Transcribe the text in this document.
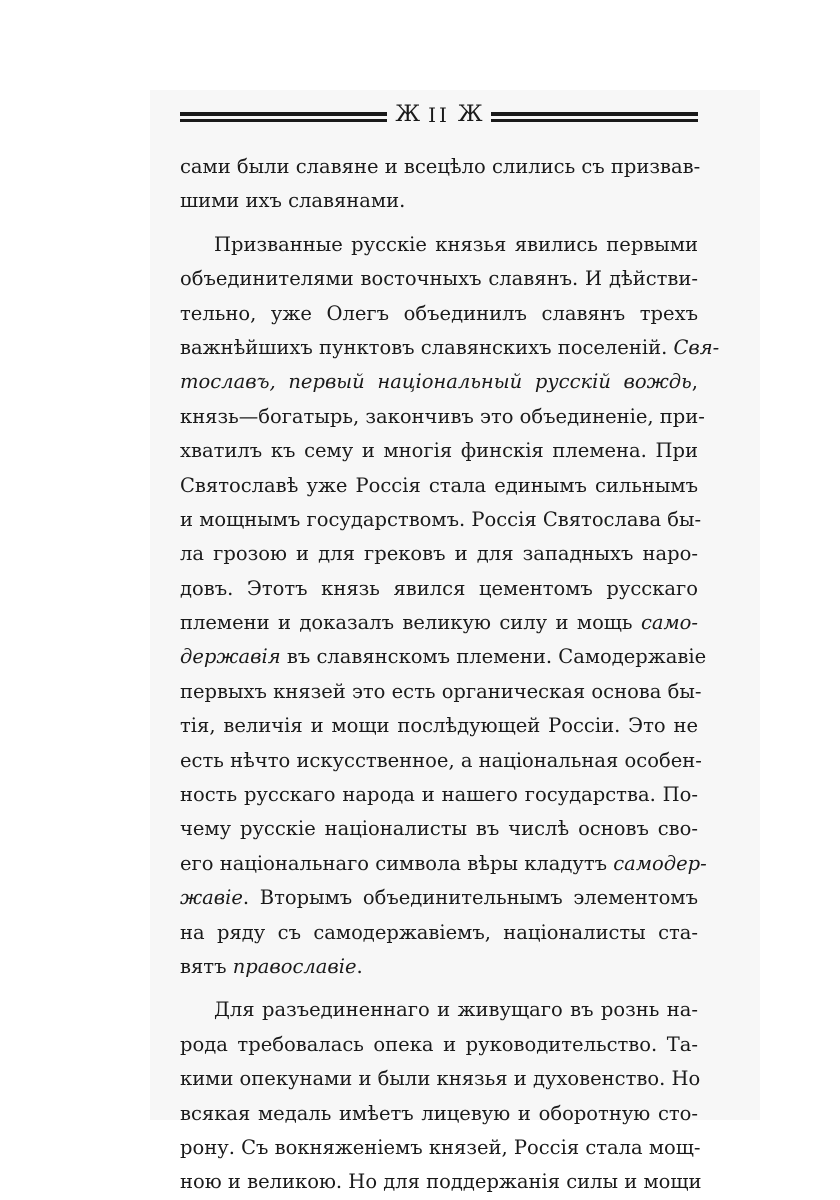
Ж II Ж
сами были славяне и всецѣло слились съ призвав-
шими ихъ славянами.
Призванные русскіе князья явились первыми
объединителями восточныхъ славянъ. И дѣйстви-
тельно, уже Олегъ объединилъ славянъ трехъ
важнѣйшихъ пунктовъ славянскихъ поселеній. Свя-
тославъ, первый національный русскій вождь,
князь—богатырь, закончивъ это объединеніе, при-
хватилъ къ сему и многія финскія племена. При
Святославѣ уже Россія стала единымъ сильнымъ
и мощнымъ государствомъ. Россія Святослава бы-
ла грозою и для грековъ и для западныхъ наро-
довъ. Этотъ князь явился цементомъ русскаго
племени и доказалъ великую силу и мощь само-
державія въ славянскомъ племени. Самодержавіе
первыхъ князей это есть органическая основа бы-
тія, величія и мощи послѣдующей Россіи. Это не
есть нѣчто искусственное, а національная особен-
ность русскаго народа и нашего государства. По-
чему русскіе націоналисты въ числѣ основъ сво-
его національнаго символа вѣры кладутъ самодер-
жавіе. Вторымъ объединительнымъ элементомъ
на ряду съ самодержавіемъ, націоналисты ста-
вятъ православіе.
Для разъединеннаго и живущаго въ рознь на-
рода требовалась опека и руководительство. Та-
кими опекунами и были князья и духовенство. Но
всякая медаль имѣетъ лицевую и оборотную сто-
рону. Съ вокняженіемъ князей, Россія стала мощ-
ною и великою. Но для поддержанія силы и мощи
